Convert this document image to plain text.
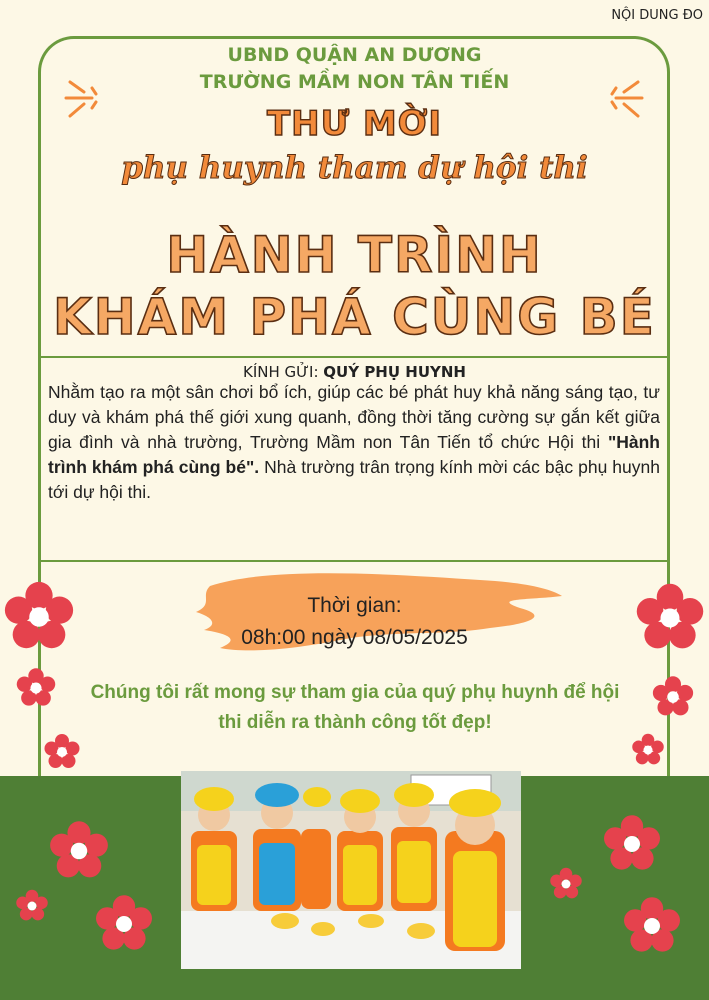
NỘI DUNG ĐO
UBND QUẬN AN DƯƠNG
TRƯỜNG MẦM NON TÂN TIẾN
THƯ MỜI
phụ huynh tham dự hội thi
HÀNH TRÌNH
KHÁM PHÁ CÙNG BÉ
KÍNH GỬI: QUÝ PHỤ HUYNH
Nhằm tạo ra một sân chơi bổ ích, giúp các bé phát huy khả năng sáng tạo, tư duy và khám phá thế giới xung quanh, đồng thời tăng cường sự gắn kết giữa gia đình và nhà trường, Trường Mầm non Tân Tiến tổ chức Hội thi "Hành trình khám phá cùng bé". Nhà trường trân trọng kính mời các bậc phụ huynh tới dự hội thi.
Thời gian:
08h:00 ngày 08/05/2025
Chúng tôi rất mong sự tham gia của quý phụ huynh để hội thi diễn ra thành công tốt đẹp!
